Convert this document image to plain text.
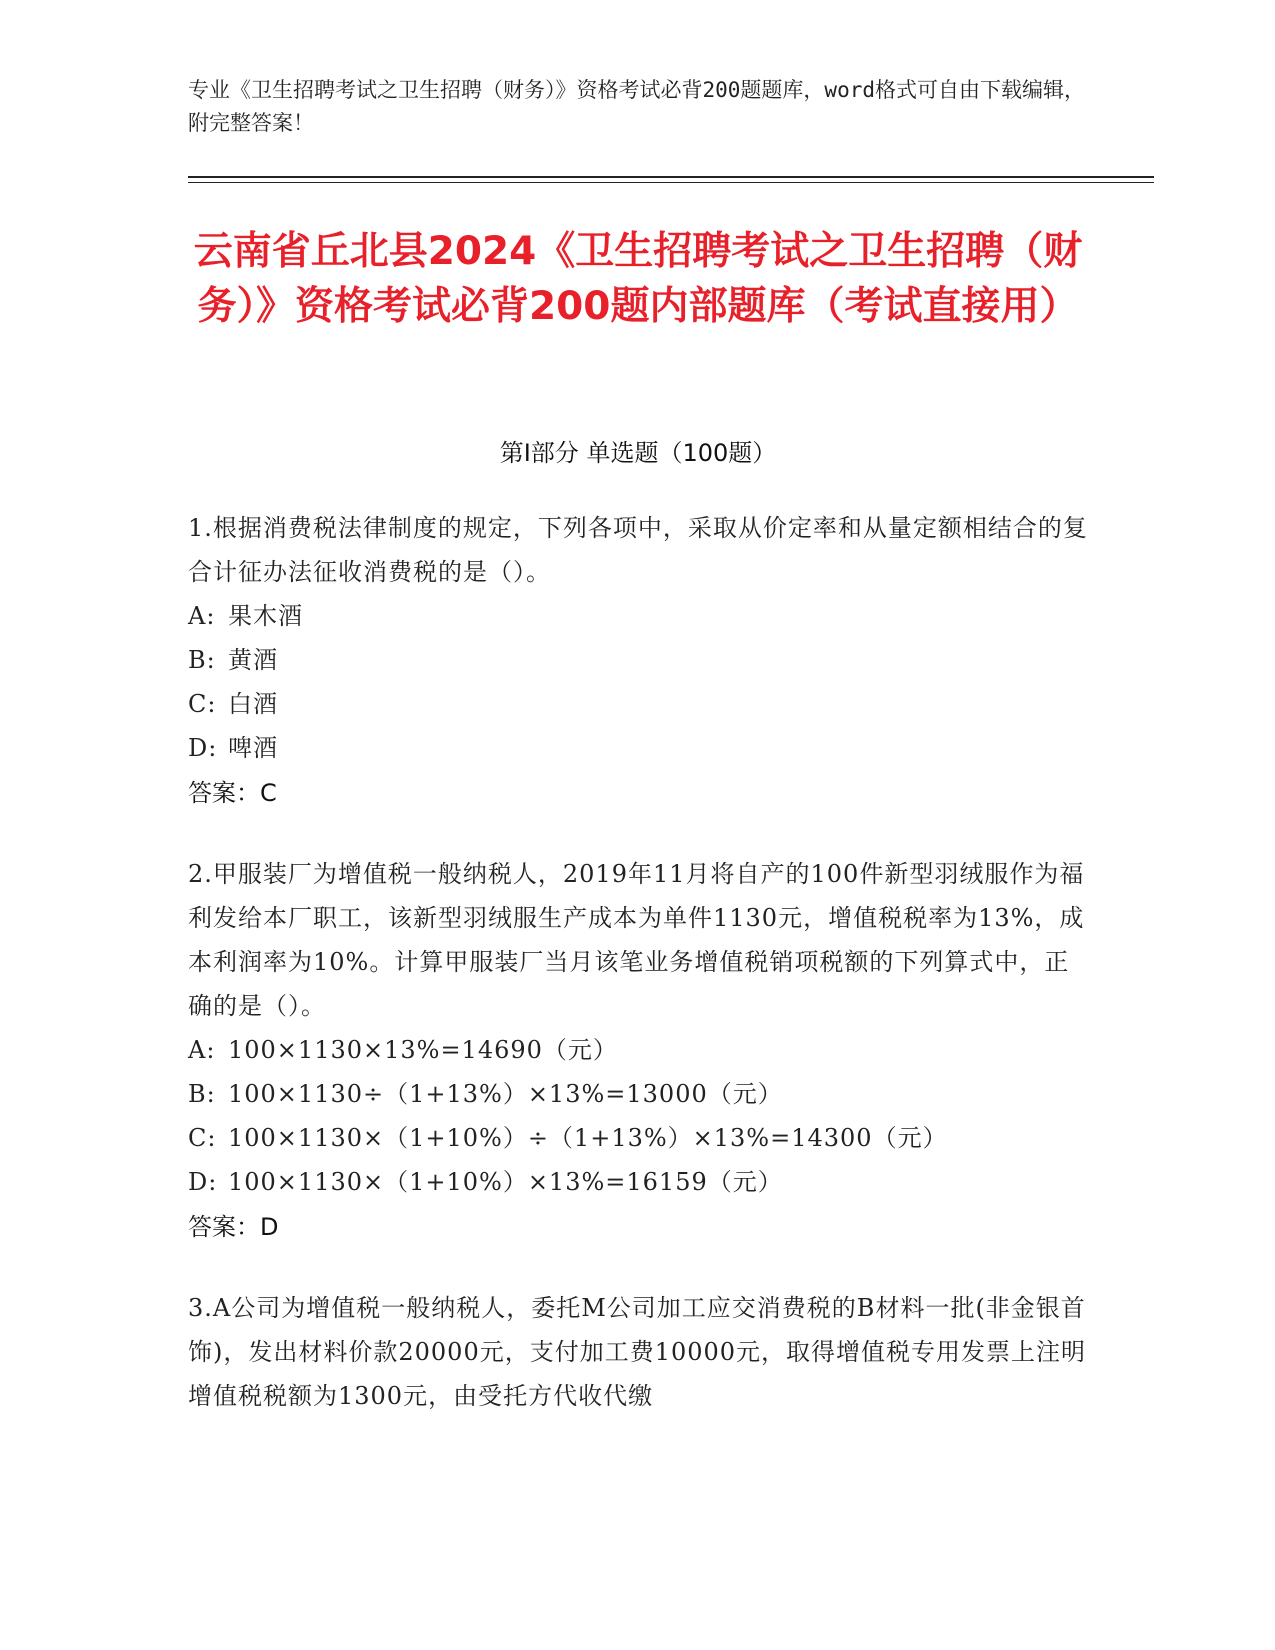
专业《卫生招聘考试之卫生招聘（财务）》资格考试必背200题题库，word格式可自由下载编辑，附完整答案！
云南省丘北县2024《卫生招聘考试之卫生招聘（财务）》资格考试必背200题内部题库（考试直接用）
第Ⅰ部分 单选题（100题）
1.根据消费税法律制度的规定，下列各项中，采取从价定率和从量定额相结合的复合计征办法征收消费税的是（）。
A: 果木酒
B: 黄酒
C: 白酒
D: 啤酒
答案：C
2.甲服装厂为增值税一般纳税人，2019年11月将自产的100件新型羽绒服作为福利发给本厂职工，该新型羽绒服生产成本为单件1130元，增值税税率为13%，成本利润率为10%。计算甲服装厂当月该笔业务增值税销项税额的下列算式中，正确的是（）。
A: 100×1130×13%=14690（元）
B: 100×1130÷（1+13%）×13%=13000（元）
C: 100×1130×（1+10%）÷（1+13%）×13%=14300（元）
D: 100×1130×（1+10%）×13%=16159（元）
答案：D
3.A公司为增值税一般纳税人，委托M公司加工应交消费税的B材料一批(非金银首饰)，发出材料价款20000元，支付加工费10000元，取得增值税专用发票上注明增值税税额为1300元，由受托方代收代缴
